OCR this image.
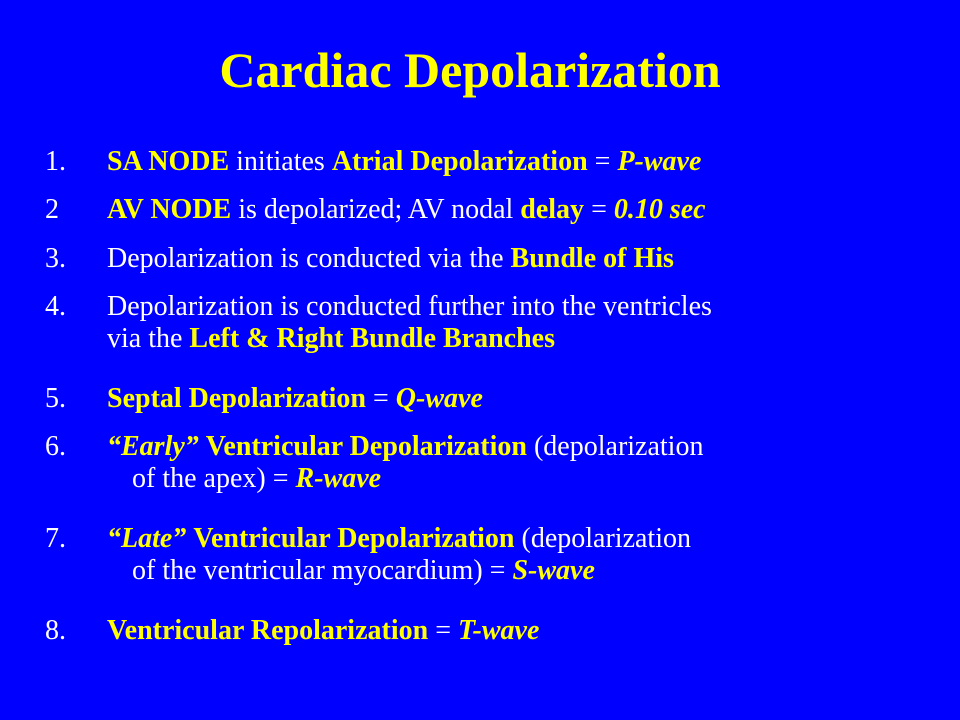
Cardiac Depolarization
1. SA NODE initiates Atrial Depolarization = P-wave
2 AV NODE is depolarized; AV nodal delay = 0.10 sec
3. Depolarization is conducted via the Bundle of His
4. Depolarization is conducted further into the ventricles
via the Left & Right Bundle Branches
5. Septal Depolarization = Q-wave
6. “Early” Ventricular Depolarization (depolarization
of the apex) = R-wave
7. “Late” Ventricular Depolarization (depolarization
of the ventricular myocardium) = S-wave
8. Ventricular Repolarization = T-wave
